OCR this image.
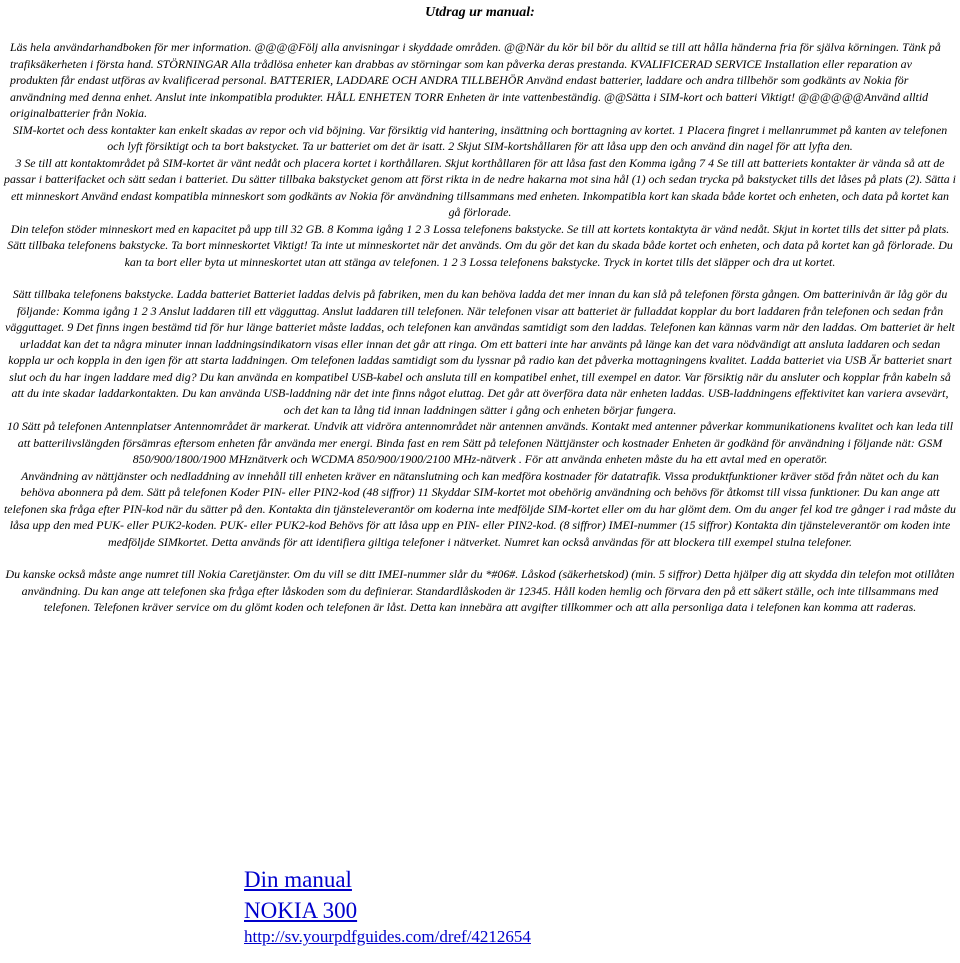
Utdrag ur manual:

Läs hela användarhandboken för mer information. @@@@Följ alla anvisningar i skyddade områden. @@När du kör bil bör du alltid se till att hålla händerna fria för själva körningen. Tänk på trafiksäkerheten i första hand. STÖRNINGAR Alla trådlösa enheter kan drabbas av störningar som kan påverka deras prestanda. KVALIFICERAD SERVICE Installation eller reparation av produkten får endast utföras av kvalificerad personal. BATTERIER, LADDARE OCH ANDRA TILLBEHÖR Använd endast batterier, laddare och andra tillbehör som godkänts av Nokia för användning med denna enhet. Anslut inte inkompatibla produkter. HÅLL ENHETEN TORR Enheten är inte vattenbeständig. @@Sätta i SIM-kort och batteri Viktigt! @@@@@@Använd alltid originalbatterier från Nokia.

SIM-kortet och dess kontakter kan enkelt skadas av repor och vid böjning. Var försiktig vid hantering, insättning och borttagning av kortet. 1 Placera fingret i mellanrummet på kanten av telefonen och lyft försiktigt och ta bort bakstycket. Ta ur batteriet om det är isatt. 2 Skjut SIM-kortshållaren för att låsa upp den och använd din nagel för att lyfta den.

3 Se till att kontaktområdet på SIM-kortet är vänt nedåt och placera kortet i korthållaren. Skjut korthållaren för att låsa fast den Komma igång 7 4 Se till att batteriets kontakter är vända så att de passar i batterifacket och sätt sedan i batteriet. Du sätter tillbaka bakstycket genom att först rikta in de nedre hakarna mot sina hål (1) och sedan trycka på bakstycket tills det låses på plats (2). Sätta i ett minneskort Använd endast kompatibla minneskort som godkänts av Nokia för användning tillsammans med enheten. Inkompatibla kort kan skada både kortet och enheten, och data på kortet kan gå förlorade.

Din telefon stöder minneskort med en kapacitet på upp till 32 GB. 8 Komma igång 1 2 3 Lossa telefonens bakstycke. Se till att kortets kontaktyta är vänd nedåt. Skjut in kortet tills det sitter på plats. Sätt tillbaka telefonens bakstycke. Ta bort minneskortet Viktigt! Ta inte ut minneskortet när det används. Om du gör det kan du skada både kortet och enheten, och data på kortet kan gå förlorade. Du kan ta bort eller byta ut minneskortet utan att stänga av telefonen. 1 2 3 Lossa telefonens bakstycke. Tryck in kortet tills det släpper och dra ut kortet.

Sätt tillbaka telefonens bakstycke. Ladda batteriet Batteriet laddas delvis på fabriken, men du kan behöva ladda det mer innan du kan slå på telefonen första gången. Om batterinivån är låg gör du följande: Komma igång 1 2 3 Anslut laddaren till ett vägguttag. Anslut laddaren till telefonen. När telefonen visar att batteriet är fulladdat kopplar du bort laddaren från telefonen och sedan från vägguttaget. 9 Det finns ingen bestämd tid för hur länge batteriet måste laddas, och telefonen kan användas samtidigt som den laddas. Telefonen kan kännas varm när den laddas. Om batteriet är helt urladdat kan det ta några minuter innan laddningsindikatorn visas eller innan det går att ringa. Om ett batteri inte har använts på länge kan det vara nödvändigt att ansluta laddaren och sedan koppla ur och koppla in den igen för att starta laddningen. Om telefonen laddas samtidigt som du lyssnar på radio kan det påverka mottagningens kvalitet. Ladda batteriet via USB Är batteriet snart slut och du har ingen laddare med dig? Du kan använda en kompatibel USB-kabel och ansluta till en kompatibel enhet, till exempel en dator. Var försiktig när du ansluter och kopplar från kabeln så att du inte skadar laddarkontakten. Du kan använda USB-laddning när det inte finns något eluttag. Det går att överföra data när enheten laddas. USB-laddningens effektivitet kan variera avsevärt, och det kan ta lång tid innan laddningen sätter i gång och enheten börjar fungera.

10 Sätt på telefonen Antennplatser Antennområdet är markerat. Undvik att vidröra antennområdet när antennen används. Kontakt med antenner påverkar kommunikationens kvalitet och kan leda till att batterilivslängden försämras eftersom enheten får använda mer energi. Binda fast en rem Sätt på telefonen Nättjänster och kostnader Enheten är godkänd för användning i följande nät: GSM 850/900/1800/1900 MHznätverk och WCDMA 850/900/1900/2100 MHz-nätverk . För att använda enheten måste du ha ett avtal med en operatör.

Användning av nättjänster och nedladdning av innehåll till enheten kräver en nätanslutning och kan medföra kostnader för datatrafik. Vissa produktfunktioner kräver stöd från nätet och du kan behöva abonnera på dem. Sätt på telefonen Koder PIN- eller PIN2-kod (48 siffror) 11 Skyddar SIM-kortet mot obehörig användning och behövs för åtkomst till vissa funktioner. Du kan ange att telefonen ska fråga efter PIN-kod när du sätter på den. Kontakta din tjänsteleverantör om koderna inte medföljde SIM-kortet eller om du har glömt dem. Om du anger fel kod tre gånger i rad måste du låsa upp den med PUK- eller PUK2-koden. PUK- eller PUK2-kod Behövs för att låsa upp en PIN- eller PIN2-kod. (8 siffror) IMEI-nummer (15 siffror) Kontakta din tjänsteleverantör om koden inte medföljde SIMkortet. Detta används för att identifiera giltiga telefoner i nätverket. Numret kan också användas för att blockera till exempel stulna telefoner.

Du kanske också måste ange numret till Nokia Caretjänster. Om du vill se ditt IMEI-nummer slår du *#06#. Låskod (säkerhetskod) (min. 5 siffror) Detta hjälper dig att skydda din telefon mot otillåten användning. Du kan ange att telefonen ska fråga efter låskoden som du definierar. Standardlåskoden är 12345. Håll koden hemlig och förvara den på ett säkert ställe, och inte tillsammans med telefonen. Telefonen kräver service om du glömt koden och telefonen är låst. Detta kan innebära att avgifter tillkommer och att alla personliga data i telefonen kan komma att raderas.

Din manual
NOKIA 300
http://sv.yourpdfguides.com/dref/4212654
